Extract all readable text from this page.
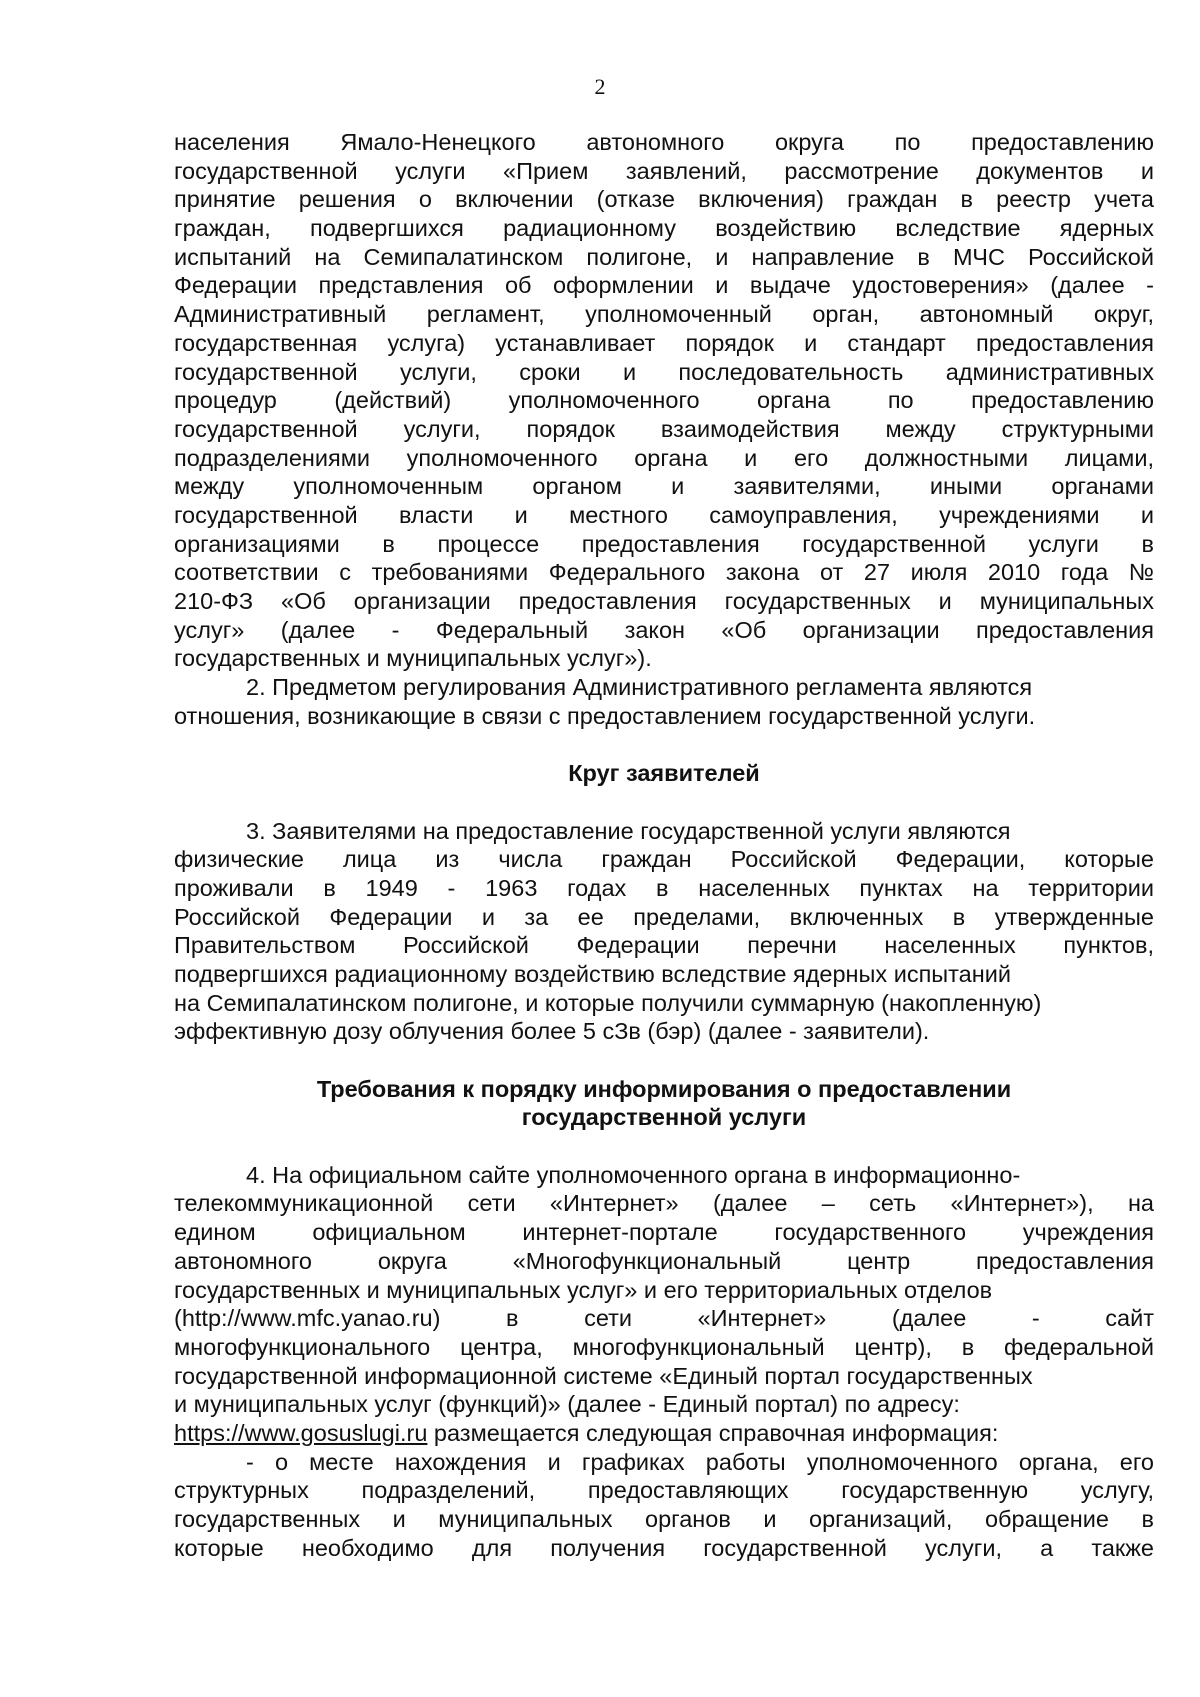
2
населения Ямало-Ненецкого автономного округа по предоставлению
государственной услуги «Прием заявлений, рассмотрение документов и
принятие решения о включении (отказе включения) граждан в реестр учета
граждан, подвергшихся радиационному воздействию вследствие ядерных
испытаний на Семипалатинском полигоне, и направление в МЧС Российской
Федерации представления об оформлении и выдаче удостоверения» (далее -
Административный регламент, уполномоченный орган, автономный округ,
государственная услуга) устанавливает порядок и стандарт предоставления
государственной услуги, сроки и последовательность административных
процедур (действий) уполномоченного органа по предоставлению
государственной услуги, порядок взаимодействия между структурными
подразделениями уполномоченного органа и его должностными лицами,
между уполномоченным органом и заявителями, иными органами
государственной власти и местного самоуправления, учреждениями и
организациями в процессе предоставления государственной услуги в
соответствии с требованиями Федерального закона от 27 июля 2010 года №
210-ФЗ «Об организации предоставления государственных и муниципальных
услуг» (далее - Федеральный закон «Об организации предоставления
государственных и муниципальных услуг»).
2. Предметом регулирования Административного регламента являются
отношения, возникающие в связи с предоставлением государственной услуги.
Круг заявителей
3. Заявителями на предоставление государственной услуги являются
физические лица из числа граждан Российской Федерации, которые
проживали в 1949 - 1963 годах в населенных пунктах на территории
Российской Федерации и за ее пределами, включенных в утвержденные
Правительством Российской Федерации перечни населенных пунктов,
подвергшихся радиационному воздействию вследствие ядерных испытаний
на Семипалатинском полигоне, и которые получили суммарную (накопленную)
эффективную дозу облучения более 5 сЗв (бэр) (далее - заявители).
Требования к порядку информирования о предоставлении
государственной услуги
4. На официальном сайте уполномоченного органа в информационно-
телекоммуникационной сети «Интернет» (далее – сеть «Интернет»), на
едином официальном интернет-портале государственного учреждения
автономного округа «Многофункциональный центр предоставления
государственных и муниципальных услуг» и его территориальных отделов
(http://www.mfc.yanao.ru) в сети «Интернет» (далее - сайт
многофункционального центра, многофункциональный центр), в федеральной
государственной информационной системе «Единый портал государственных
и муниципальных услуг (функций)» (далее - Единый портал) по адресу:
https://www.gosuslugi.ru размещается следующая справочная информация:
- о месте нахождения и графиках работы уполномоченного органа, его
структурных подразделений, предоставляющих государственную услугу,
государственных и муниципальных органов и организаций, обращение в
которые необходимо для получения государственной услуги, а также
